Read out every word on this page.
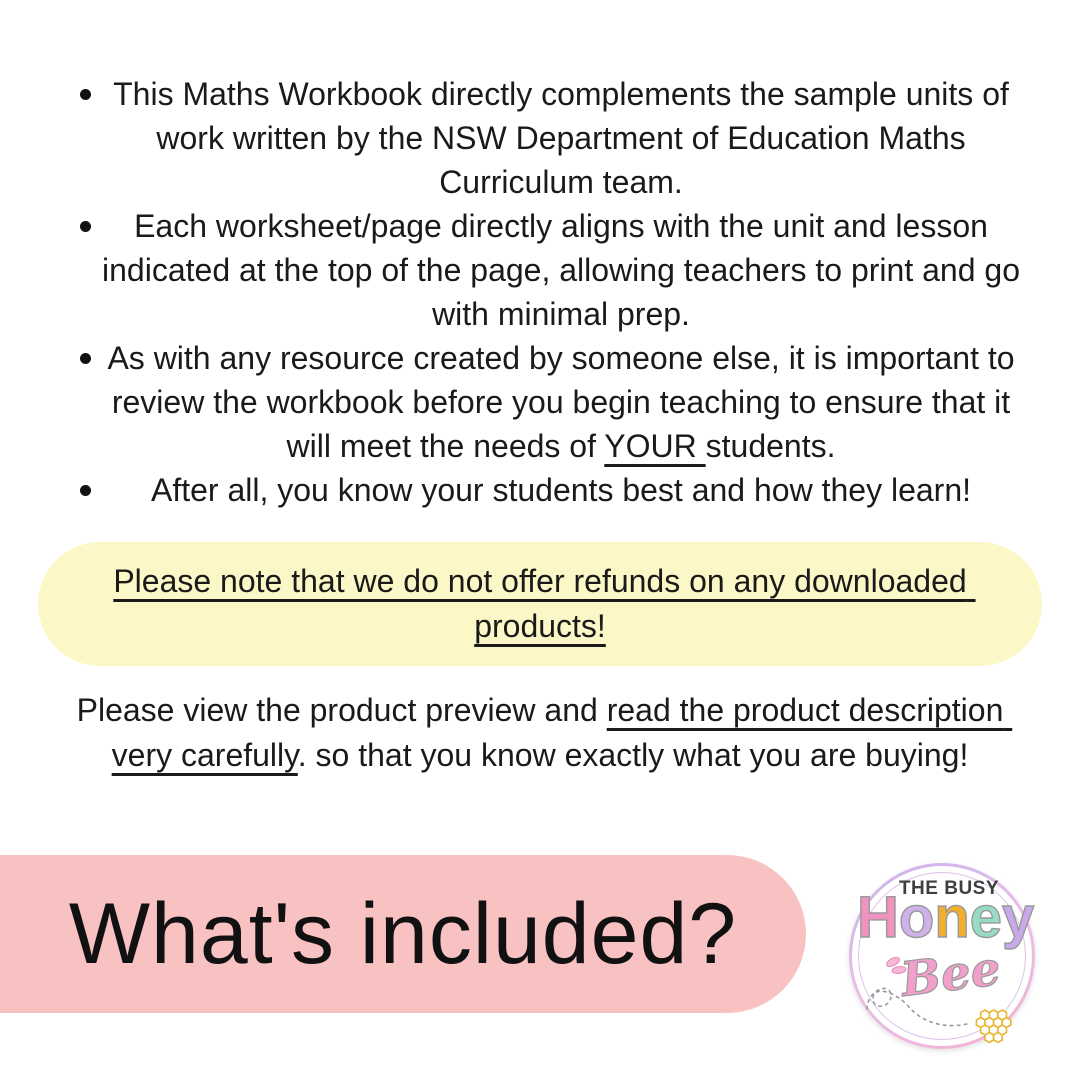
This Maths Workbook directly complements the sample units of work written by the NSW Department of Education Maths Curriculum team.
Each worksheet/page directly aligns with the unit and lesson indicated at the top of the page, allowing teachers to print and go with minimal prep.
As with any resource created by someone else, it is important to review the workbook before you begin teaching to ensure that it will meet the needs of YOUR students.
After all, you know your students best and how they learn!
Please note that we do not offer refunds on any downloaded products!
Please view the product preview and read the product description very carefully. so that you know exactly what you are buying!
What's included?	THE BUSY
Honey
Bee
